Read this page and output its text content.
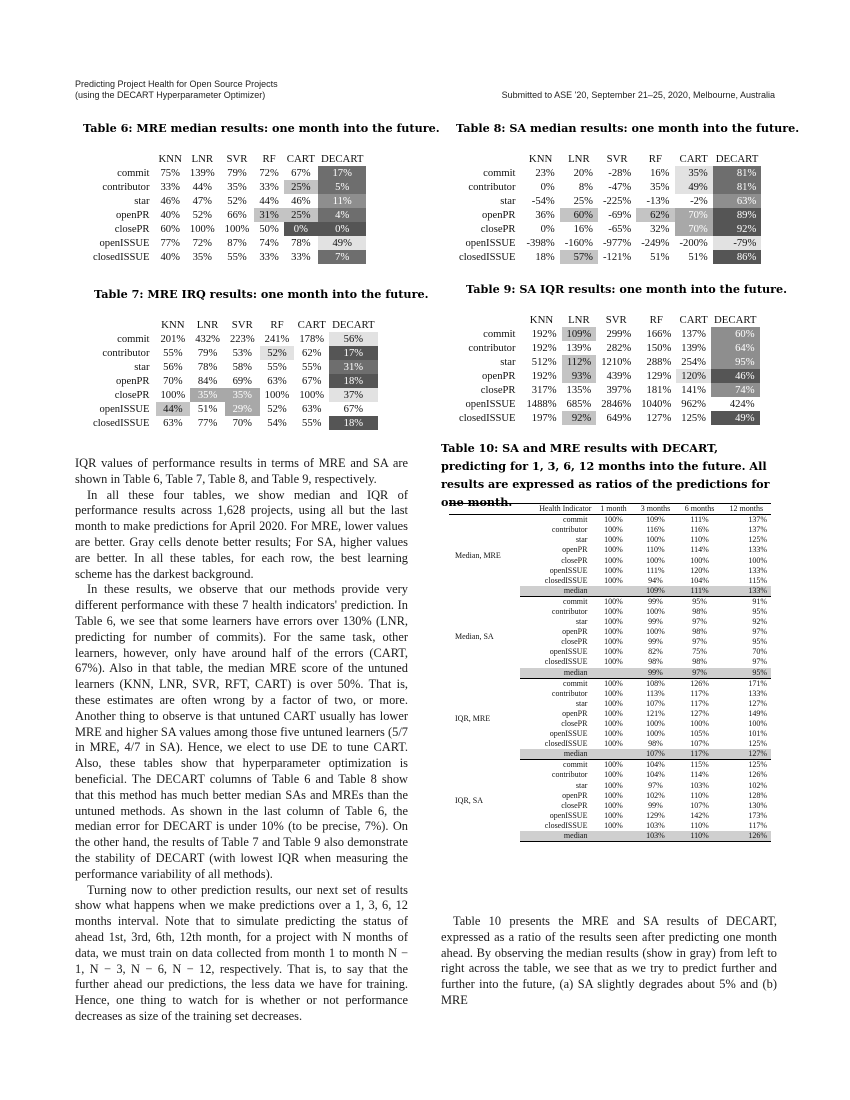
Predicting Project Health for Open Source Projects
(using the DECART Hyperparameter Optimizer)	Submitted to ASE '20, September 21–25, 2020, Melbourne, Australia
Table 6: MRE median results: one month into the future.
	KNN	LNR	SVR	RF	CART	DECART
commit	75%	139%	79%	72%	67%	17%
contributor	33%	44%	35%	33%	25%	5%
star	46%	47%	52%	44%	46%	11%
openPR	40%	52%	66%	31%	25%	4%
closePR	60%	100%	100%	50%	0%	0%
openISSUE	77%	72%	87%	74%	78%	49%
closedISSUE	40%	35%	55%	33%	33%	7%
Table 7: MRE IRQ results: one month into the future.
	KNN	LNR	SVR	RF	CART	DECART
commit	201%	432%	223%	241%	178%	56%
contributor	55%	79%	53%	52%	62%	17%
star	56%	78%	58%	55%	55%	31%
openPR	70%	84%	69%	63%	67%	18%
closePR	100%	35%	35%	100%	100%	37%
openISSUE	44%	51%	29%	52%	63%	67%
closedISSUE	63%	77%	70%	54%	55%	18%
Table 8: SA median results: one month into the future.
	KNN	LNR	SVR	RF	CART	DECART
commit	23%	20%	-28%	16%	35%	81%
contributor	0%	8%	-47%	35%	49%	81%
star	-54%	25%	-225%	-13%	-2%	63%
openPR	36%	60%	-69%	62%	70%	89%
closePR	0%	16%	-65%	32%	70%	92%
openISSUE	-398%	-160%	-977%	-249%	-200%	-79%
closedISSUE	18%	57%	-121%	51%	51%	86%
Table 9: SA IQR results: one month into the future.
	KNN	LNR	SVR	RF	CART	DECART
commit	192%	109%	299%	166%	137%	60%
contributor	192%	139%	282%	150%	139%	64%
star	512%	112%	1210%	288%	254%	95%
openPR	192%	93%	439%	129%	120%	46%
closePR	317%	135%	397%	181%	141%	74%
openISSUE	1488%	685%	2846%	1040%	962%	424%
closedISSUE	197%	92%	649%	127%	125%	49%
Table 10: SA and MRE results with DECART, predicting for 1, 3, 6, 12 months into the future. All results are expressed as ratios of the predictions for one month.
		Health Indicator	1 month	3 months	6 months	12 months
Median, MRE	commit	100%	109%	111%	137%
	contributor	100%	116%	116%	137%
	star	100%	100%	110%	125%
	openPR	100%	110%	114%	133%
	closePR	100%	100%	100%	100%
	openISSUE	100%	111%	120%	133%
	closedISSUE	100%	94%	104%	115%
	median		109%	111%	133%
Median, SA	commit	100%	99%	95%	91%
	contributor	100%	100%	98%	95%
	star	100%	99%	97%	92%
	openPR	100%	100%	98%	97%
	closePR	100%	99%	97%	95%
	openISSUE	100%	82%	75%	70%
	closedISSUE	100%	98%	98%	97%
	median		99%	97%	95%
IQR, MRE	commit	100%	108%	126%	171%
	contributor	100%	113%	117%	133%
	star	100%	107%	117%	127%
	openPR	100%	121%	127%	149%
	closePR	100%	100%	100%	100%
	openISSUE	100%	100%	105%	101%
	closedISSUE	100%	98%	107%	125%
	median		107%	117%	127%
IQR, SA	commit	100%	104%	115%	125%
	contributor	100%	104%	114%	126%
	star	100%	97%	103%	102%
	openPR	100%	102%	110%	128%
	closePR	100%	99%	107%	130%
	openISSUE	100%	129%	142%	173%
	closedISSUE	100%	103%	110%	117%
	median		103%	110%	126%

IQR values of performance results in terms of MRE and SA are shown in Table 6, Table 7, Table 8, and Table 9, respectively.

In all these four tables, we show median and IQR of performance results across 1,628 projects, using all but the last month to make predictions for April 2020. For MRE, lower values are better. Gray cells denote better results; For SA, higher values are better. In all these tables, for each row, the best learning scheme has the darkest background.

In these results, we observe that our methods provide very different performance with these 7 health indicators' prediction. In Table 6, we see that some learners have errors over 130% (LNR, predicting for number of commits). For the same task, other learners, however, only have around half of the errors (CART, 67%). Also in that table, the median MRE score of the untuned learners (KNN, LNR, SVR, RFT, CART) is over 50%. That is, these estimates are often wrong by a factor of two, or more. Another thing to observe is that untuned CART usually has lower MRE and higher SA values among those five untuned learners (5/7 in MRE, 4/7 in SA). Hence, we elect to use DE to tune CART. Also, these tables show that hyperparameter optimization is beneficial. The DECART columns of Table 6 and Table 8 show that this method has much better median SAs and MREs than the untuned methods. As shown in the last column of Table 6, the median error for DECART is under 10% (to be precise, 7%). On the other hand, the results of Table 7 and Table 9 also demonstrate the stability of DECART (with lowest IQR when measuring the performance variability of all methods).

Turning now to other prediction results, our next set of results show what happens when we make predictions over a 1, 3, 6, 12 months interval. Note that to simulate predicting the status of ahead 1st, 3rd, 6th, 12th month, for a project with N months of data, we must train on data collected from month 1 to month N − 1, N − 3, N − 6, N − 12, respectively. That is, to say that the further ahead our predictions, the less data we have for training. Hence, one thing to watch for is whether or not performance decreases as size of the training set decreases.

Table 10 presents the MRE and SA results of DECART, expressed as a ratio of the results seen after predicting one month ahead. By observing the median results (show in gray) from left to right across the table, we see that as we try to predict further and further into the future, (a) SA slightly degrades about 5% and (b) MRE
